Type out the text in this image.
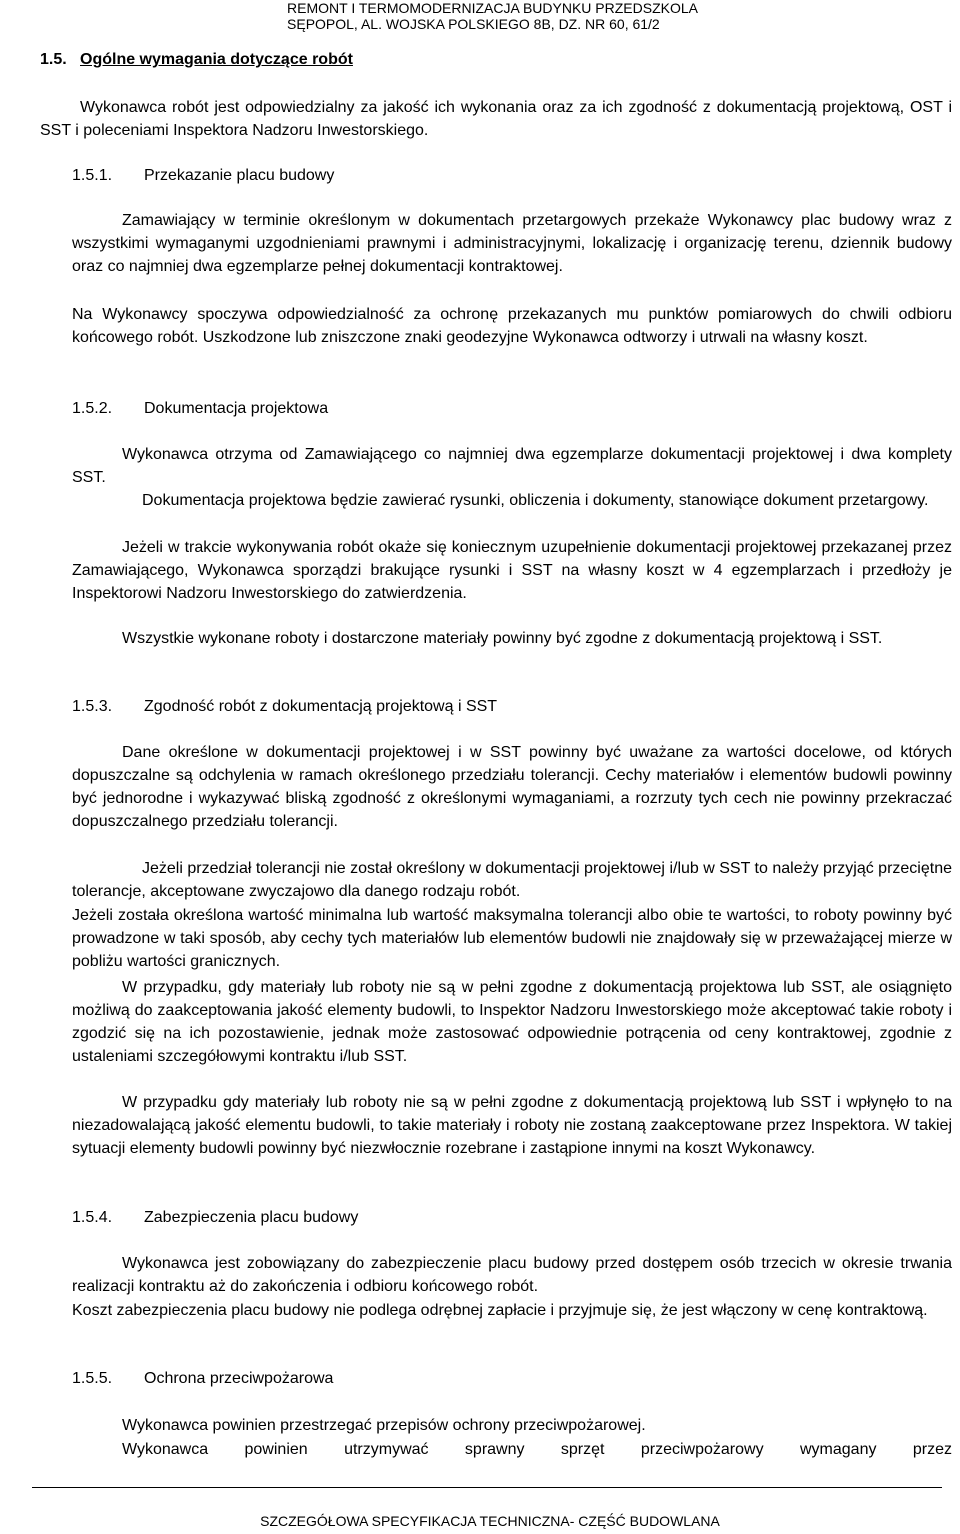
REMONT I TERMOMODERNIZACJA BUDYNKU PRZEDSZKOLA
SĘPOPOL, AL. WOJSKA POLSKIEGO 8B, DZ. NR 60, 61/2
1.5. Ogólne wymagania dotyczące robót
Wykonawca robót jest odpowiedzialny za jakość ich wykonania oraz za ich zgodność z dokumentacją projektową, OST i SST i poleceniami Inspektora Nadzoru Inwestorskiego.
1.5.1. Przekazanie placu budowy
Zamawiający w terminie określonym w dokumentach przetargowych przekaże Wykonawcy plac budowy wraz z wszystkimi wymaganymi uzgodnieniami prawnymi i administracyjnymi, lokalizację i organizację terenu, dziennik budowy oraz co najmniej dwa egzemplarze pełnej dokumentacji kontraktowej.
Na Wykonawcy spoczywa odpowiedzialność za ochronę przekazanych mu punktów pomiarowych do chwili odbioru końcowego robót. Uszkodzone lub zniszczone znaki geodezyjne Wykonawca odtworzy i utrwali na własny koszt.
1.5.2. Dokumentacja projektowa
Wykonawca otrzyma od Zamawiającego co najmniej dwa egzemplarze dokumentacji projektowej i dwa komplety SST.
Dokumentacja projektowa będzie zawierać rysunki, obliczenia i dokumenty, stanowiące dokument przetargowy.
Jeżeli w trakcie wykonywania robót okaże się koniecznym uzupełnienie dokumentacji projektowej przekazanej przez Zamawiającego, Wykonawca sporządzi brakujące rysunki i SST na własny koszt w 4 egzemplarzach i przedłoży je Inspektorowi Nadzoru Inwestorskiego do zatwierdzenia.
Wszystkie wykonane roboty i dostarczone materiały powinny być zgodne z dokumentacją projektową i SST.
1.5.3. Zgodność robót z dokumentacją projektową i SST
Dane określone w dokumentacji projektowej i w SST powinny być uważane za wartości docelowe, od których dopuszczalne są odchylenia w ramach określonego przedziału tolerancji. Cechy materiałów i elementów budowli powinny być jednorodne i wykazywać bliską zgodność z określonymi wymaganiami, a rozrzuty tych cech nie powinny przekraczać dopuszczalnego przedziału tolerancji.
Jeżeli przedział tolerancji nie został określony w dokumentacji projektowej i/lub w SST to należy przyjąć przeciętne tolerancje, akceptowane zwyczajowo dla danego rodzaju robót.
Jeżeli została określona wartość minimalna lub wartość maksymalna tolerancji albo obie te wartości, to roboty powinny być prowadzone w taki sposób, aby cechy tych materiałów lub elementów budowli nie znajdowały się w przeważającej mierze w pobliżu wartości granicznych.
W przypadku, gdy materiały lub roboty nie są w pełni zgodne z dokumentacją projektowa lub SST, ale osiągnięto możliwą do zaakceptowania jakość elementy budowli, to Inspektor Nadzoru Inwestorskiego może akceptować takie roboty i zgodzić się na ich pozostawienie, jednak może zastosować odpowiednie potrącenia od ceny kontraktowej, zgodnie z ustaleniami szczegółowymi kontraktu i/lub SST.
W przypadku gdy materiały lub roboty nie są w pełni zgodne z dokumentacją projektową lub SST i wpłynęło to na niezadowalającą jakość elementu budowli, to takie materiały i roboty nie zostaną zaakceptowane przez Inspektora. W takiej sytuacji elementy budowli powinny być niezwłocznie rozebrane i zastąpione innymi na koszt Wykonawcy.
1.5.4. Zabezpieczenia placu budowy
Wykonawca jest zobowiązany do zabezpieczenie placu budowy przed dostępem osób trzecich w okresie trwania realizacji kontraktu aż do zakończenia i odbioru końcowego robót.
Koszt zabezpieczenia placu budowy nie podlega odrębnej zapłacie i przyjmuje się, że jest włączony w cenę kontraktową.
1.5.5. Ochrona przeciwpożarowa
Wykonawca powinien przestrzegać przepisów ochrony przeciwpożarowej.
Wykonawca powinien utrzymywać sprawny sprzęt przeciwpożarowy wymagany przez
SZCZEGÓŁOWA SPECYFIKACJA TECHNICZNA- CZĘŚĆ BUDOWLANA
